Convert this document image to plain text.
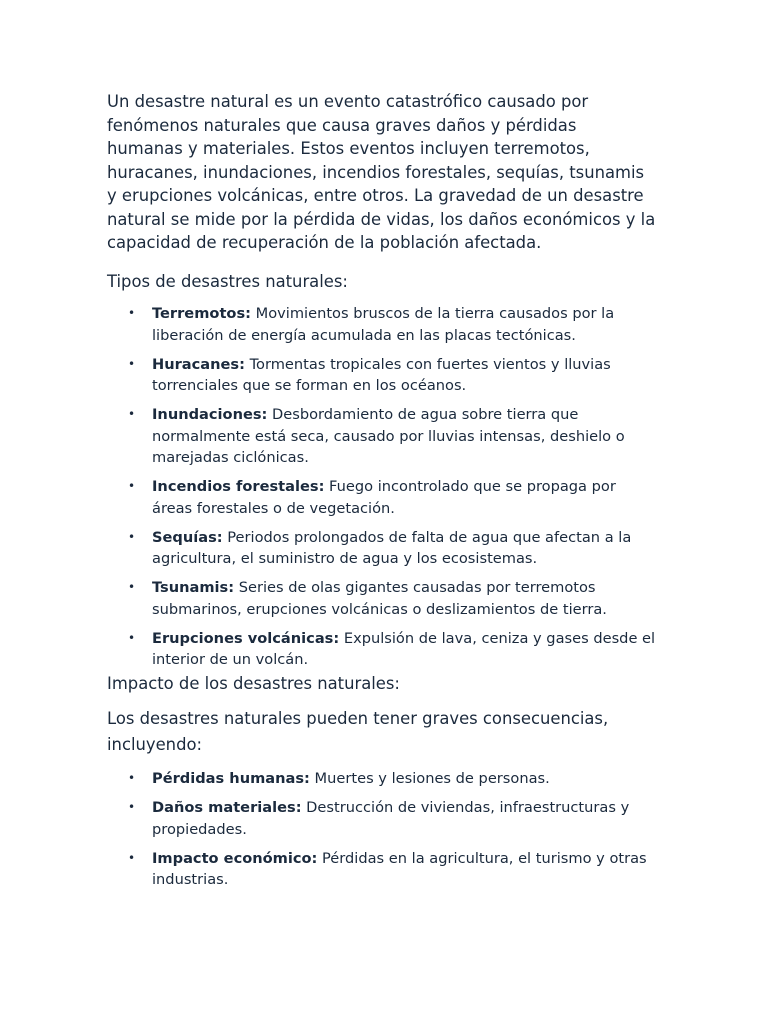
Un desastre natural es un evento catastrófico causado por fenómenos naturales que causa graves daños y pérdidas humanas y materiales. Estos eventos incluyen terremotos, huracanes, inundaciones, incendios forestales, sequías, tsunamis y erupciones volcánicas, entre otros. La gravedad de un desastre natural se mide por la pérdida de vidas, los daños económicos y la capacidad de recuperación de la población afectada.

Tipos de desastres naturales:

• Terremotos: Movimientos bruscos de la tierra causados por la liberación de energía acumulada en las placas tectónicas.
• Huracanes: Tormentas tropicales con fuertes vientos y lluvias torrenciales que se forman en los océanos.
• Inundaciones: Desbordamiento de agua sobre tierra que normalmente está seca, causado por lluvias intensas, deshielo o marejadas ciclónicas.
• Incendios forestales: Fuego incontrolado que se propaga por áreas forestales o de vegetación.
• Sequías: Periodos prolongados de falta de agua que afectan a la agricultura, el suministro de agua y los ecosistemas.
• Tsunamis: Series de olas gigantes causadas por terremotos submarinos, erupciones volcánicas o deslizamientos de tierra.
• Erupciones volcánicas: Expulsión de lava, ceniza y gases desde el interior de un volcán.

Impacto de los desastres naturales:

Los desastres naturales pueden tener graves consecuencias, incluyendo:

• Pérdidas humanas: Muertes y lesiones de personas.
• Daños materiales: Destrucción de viviendas, infraestructuras y propiedades.
• Impacto económico: Pérdidas en la agricultura, el turismo y otras industrias.
